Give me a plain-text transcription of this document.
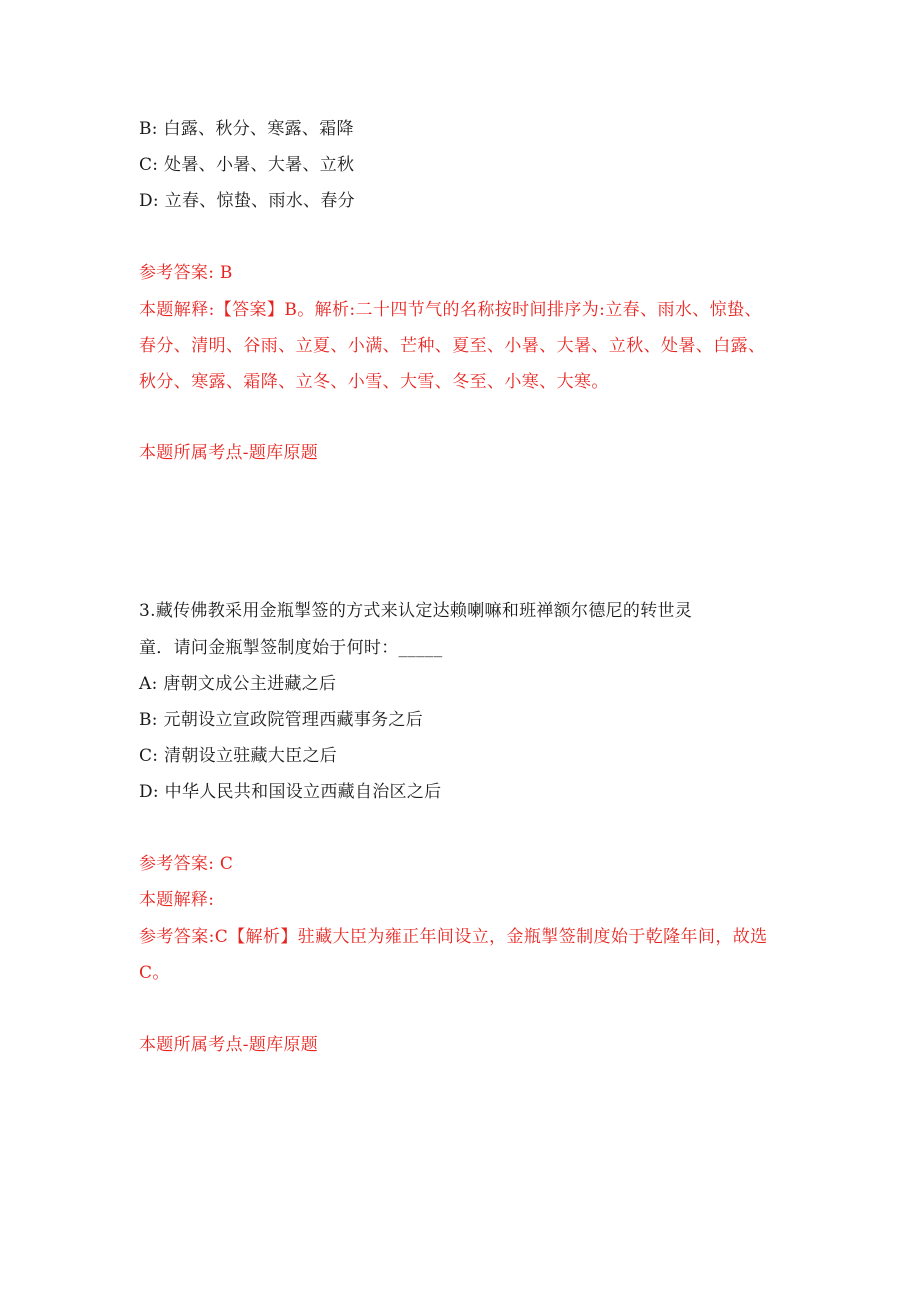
B: 白露、秋分、寒露、霜降
C: 处暑、小暑、大暑、立秋
D: 立春、惊蛰、雨水、春分
参考答案: B
本题解释:【答案】B。解析:二十四节气的名称按时间排序为:立春、雨水、惊蛰、春分、清明、谷雨、立夏、小满、芒种、夏至、小暑、大暑、立秋、处暑、白露、秋分、寒露、霜降、立冬、小雪、大雪、冬至、小寒、大寒。
本题所属考点-题库原题
3.藏传佛教采用金瓶掣签的方式来认定达赖喇嘛和班禅额尔德尼的转世灵
童．请问金瓶掣签制度始于何时：_____
A: 唐朝文成公主进藏之后
B: 元朝设立宣政院管理西藏事务之后
C: 清朝设立驻藏大臣之后
D: 中华人民共和国设立西藏自治区之后
参考答案: C
本题解释:
参考答案:C【解析】驻藏大臣为雍正年间设立，金瓶掣签制度始于乾隆年间，故选C。
本题所属考点-题库原题
